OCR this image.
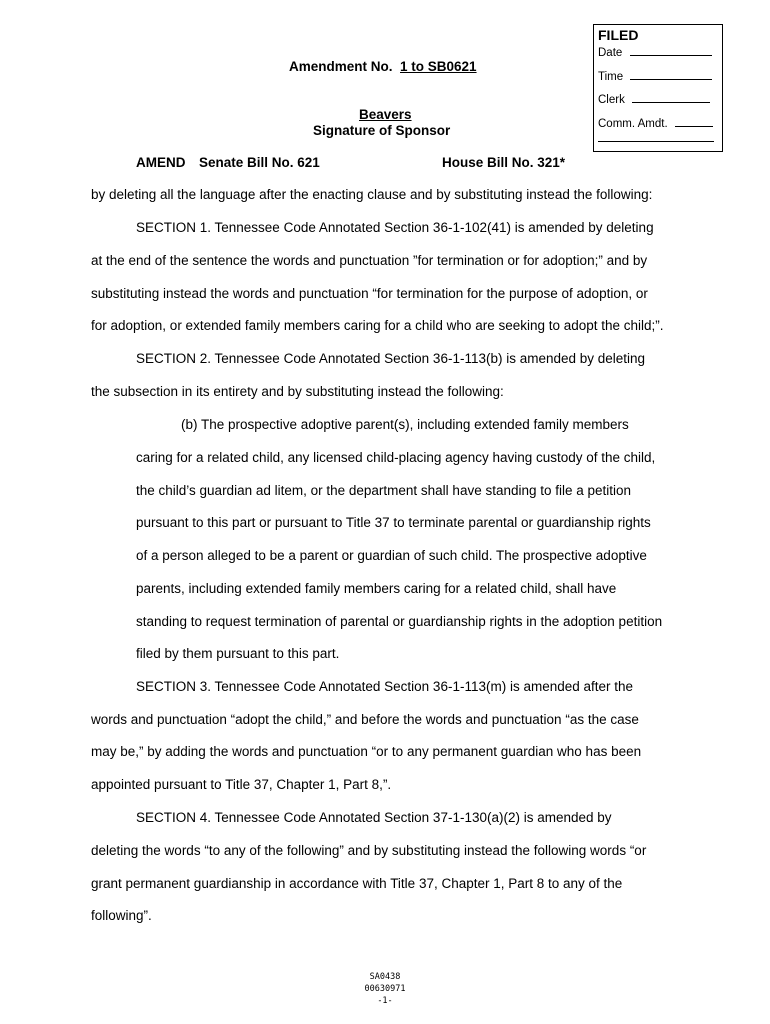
FILED
Date
Time
Clerk
Comm. Amdt.
Amendment No. 1 to SB0621
Beavers
Signature of Sponsor
AMEND Senate Bill No. 621	House Bill No. 321*
by deleting all the language after the enacting clause and by substituting instead the following:
SECTION 1. Tennessee Code Annotated Section 36-1-102(41) is amended by deleting
at the end of the sentence the words and punctuation ”for termination or for adoption;” and by
substituting instead the words and punctuation “for termination for the purpose of adoption, or
for adoption, or extended family members caring for a child who are seeking to adopt the child;”.
SECTION 2. Tennessee Code Annotated Section 36-1-113(b) is amended by deleting
the subsection in its entirety and by substituting instead the following:
(b) The prospective adoptive parent(s), including extended family members
caring for a related child, any licensed child-placing agency having custody of the child,
the child’s guardian ad litem, or the department shall have standing to file a petition
pursuant to this part or pursuant to Title 37 to terminate parental or guardianship rights
of a person alleged to be a parent or guardian of such child. The prospective adoptive
parents, including extended family members caring for a related child, shall have
standing to request termination of parental or guardianship rights in the adoption petition
filed by them pursuant to this part.
SECTION 3. Tennessee Code Annotated Section 36-1-113(m) is amended after the
words and punctuation “adopt the child,” and before the words and punctuation “as the case
may be,” by adding the words and punctuation “or to any permanent guardian who has been
appointed pursuant to Title 37, Chapter 1, Part 8,”.
SECTION 4. Tennessee Code Annotated Section 37-1-130(a)(2) is amended by
deleting the words “to any of the following” and by substituting instead the following words “or
grant permanent guardianship in accordance with Title 37, Chapter 1, Part 8 to any of the
following”.
SA0438
00630971
-1-
